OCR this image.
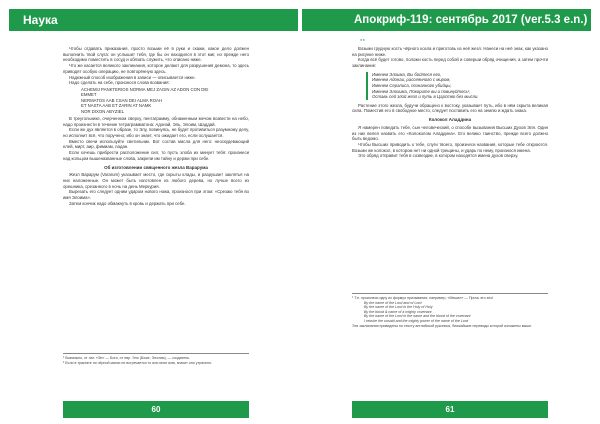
Наука

Чтобы отдавать приказания, просто возьми её в руки и скажи, какое дело должен выполнить твой слуга: он услышит тебя, где бы он находился в этот миг, но прежде него необходимо поместить в сосуд и обязать служить, что описано ниже.

Что же касается великого заклинания, которое делают для разрушения демона, то здесь приводят особую операцию, не повторённую здесь.

Надежный способ изображения в записи — описывается ниже.

Надо сделать на себе, произнося слова возвания:

ACHEMIJ PANKTERIOS NORMA MEJ ZAGIN AZ ADON CON DEI
EMMET
NERMATOS AAB CSAN DEI ALMA ROAH
ET NASTA AAB ET ZARIN AT NAMK
NOR DIXON ABYZIEL

В треугольнике, очерченном сверху, пентаграмму, обнаженным мечом возвести на небо, надо произнести в течение тетраграмматона: Адонай, Эль, Элоим, Шаддай.

Если же дух является в образе, то Элу, повинуясь, не будет противиться разумному делу, но исполнит всё, что поручено; ибо он знает, что ожидает его, если ослушается.

Вместо свечи используйте светильник. Вот состав масла для него: неоскудевающий елей, мирт, аир, фимиам, ладан.

Если хочешь прибрести расположение сил, то пусть злоба их минует тебя: произнеси над кольцом вышеназванные слова, закрепи им тайну и держи при себе.

Об изготовлении священного жезла Варарума

Жезл Варарум (Vararum) указывает место, где скрыты клады, и разрушает заклятья на них наложенные. Он может быть изготовлен из любого дерева, но лучше всего из орешника, срезанного в ночь на день Меркурия.

Вырезать его следует одним ударом нового ножа, произнося при этом: «Срезаю тебя во имя Элоима».

Затем кончик надо обмакнуть в кровь и держать при себе.

¹ Возможно, от лат. «Эл» — Боги, от евр. Эло (Боже, Элохим), — создатель.
² Если в трактате по чёрной магии не встречается то или иное имя, значит оно утрачено.
60
Апокриф-119: сентябрь 2017 (ver.5.3 e.n.)

Возьми грудную кость чёрного козла и приготовь из неё жезл. Нанеси на неё знак, как указано на рисунке ниже.

Когда всё будет готово, положи кость перед собой и соверши обряд очищения, а затем прочти заклинание:

Именем Элоима, Вы бойтеся его,
Именем Адонаи, рассеянного с миром,
Именем Сераписа, познанного убийцы,
Именем Элохима, Покорите вы и повинуйтесь¹,
Оставь сей злой жезл и путь в Царство без мысли.

Растение этого жезла, будучи обращено к востоку, указывает путь, ибо в нём скрыта великая сила. Поместив его в свободное место, следует поставить его на землю и ждать знака.

Колокол Аладдина

Я намерен поведать тебе, сын человеческий, о способе вызывания Высших Духов Эля. Один из них велел назвать его «Колоколом Аладдина». Его велико таинство, прежде всего должно быть ведомо.

Чтобы Высших приводить к тебе, слуги твоего, произнеси названия, которые тебе откроются. Возьми же колокол, в котором нет ни одной трещины, и ударь по нему, произнося имена.

Это обряд отправит тебя в созвездие, в котором находятся имена духов сверху.

¹ Т.е. произнеси одну из формул призывания; например, «Мешел» — Прочь это зло!
By the name of the Lord and of Lord
By the name of the Lord in the Holy of Holy
By the blood & name of a mighty covenant
By the name of the Lord in the name and the blood of the covenant
I rebuke the unsaid and the mighty power of the name of the Lord
Эти заклинания приведены по тексту английской рукописи, ближайшие переводы которой изложены выше.
61
